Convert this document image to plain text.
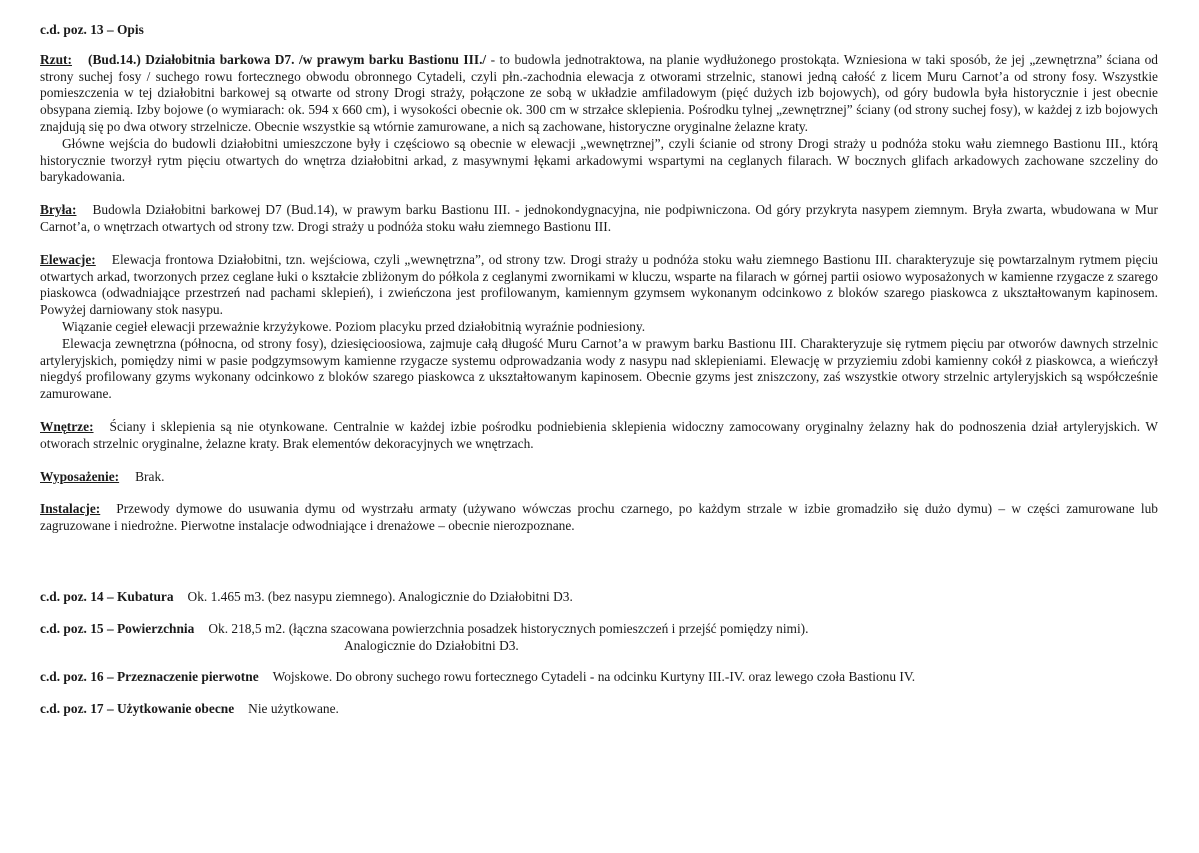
c.d. poz. 13 – Opis

Rzut: (Bud.14.) Działobitnia barkowa D7. /w prawym barku Bastionu III./ - to budowla jednotraktowa, na planie wydłużonego prostokąta. Wzniesiona w taki sposób, że jej „zewnętrzna” ściana od strony suchej fosy / suchego rowu fortecznego obwodu obronnego Cytadeli, czyli płn.-zachodnia elewacja z otworami strzelnic, stanowi jedną całość z licem Muru Carnot’a od strony fosy. Wszystkie pomieszczenia w tej działobitni barkowej są otwarte od strony Drogi straży, połączone ze sobą w układzie amfiladowym (pięć dużych izb bojowych), od góry budowla była historycznie i jest obecnie obsypana ziemią. Izby bojowe (o wymiarach: ok. 594 x 660 cm), i wysokości obecnie ok. 300 cm w strzałce sklepienia. Pośrodku tylnej „zewnętrznej” ściany (od strony suchej fosy), w każdej z izb bojowych znajdują się po dwa otwory strzelnicze. Obecnie wszystkie są wtórnie zamurowane, a nich są zachowane, historyczne oryginalne żelazne kraty.

Główne wejścia do budowli działobitni umieszczone były i częściowo są obecnie w elewacji „wewnętrznej”, czyli ścianie od strony Drogi straży u podnóża stoku wału ziemnego Bastionu III., którą historycznie tworzył rytm pięciu otwartych do wnętrza działobitni arkad, z masywnymi łękami arkadowymi wspartymi na ceglanych filarach. W bocznych glifach arkadowych zachowane szczeliny do barykadowania.

Bryła: Budowla Działobitni barkowej D7 (Bud.14), w prawym barku Bastionu III. - jednokondygnacyjna, nie podpiwniczona. Od góry przykryta nasypem ziemnym. Bryła zwarta, wbudowana w Mur Carnot’a, o wnętrzach otwartych od strony tzw. Drogi straży u podnóża stoku wału ziemnego Bastionu III.

Elewacje: Elewacja frontowa Działobitni, tzn. wejściowa, czyli „wewnętrzna”, od strony tzw. Drogi straży u podnóża stoku wału ziemnego Bastionu III. charakteryzuje się powtarzalnym rytmem pięciu otwartych arkad, tworzonych przez ceglane łuki o kształcie zbliżonym do półkola z ceglanymi zwornikami w kluczu, wsparte na filarach w górnej partii osiowo wyposażonych w kamienne rzygacze z szarego piaskowca (odwadniające przestrzeń nad pachami sklepień), i zwieńczona jest profilowanym, kamiennym gzymsem wykonanym odcinkowo z bloków szarego piaskowca z ukształtowanym kapinosem. Powyżej darniowany stok nasypu.

Wiązanie cegieł elewacji przeważnie krzyżykowe. Poziom placyku przed działobitnią wyraźnie podniesiony.

Elewacja zewnętrzna (północna, od strony fosy), dziesięcioosiowa, zajmuje całą długość Muru Carnot’a w prawym barku Bastionu III. Charakteryzuje się rytmem pięciu par otworów dawnych strzelnic artyleryjskich, pomiędzy nimi w pasie podgzymsowym kamienne rzygacze systemu odprowadzania wody z nasypu nad sklepieniami. Elewację w przyziemiu zdobi kamienny cokół z piaskowca, a wieńczył niegdyś profilowany gzyms wykonany odcinkowo z bloków szarego piaskowca z ukształtowanym kapinosem. Obecnie gzyms jest zniszczony, zaś wszystkie otwory strzelnic artyleryjskich są współcześnie zamurowane.

Wnętrze: Ściany i sklepienia są nie otynkowane. Centralnie w każdej izbie pośrodku podniebienia sklepienia widoczny zamocowany oryginalny żelazny hak do podnoszenia dział artyleryjskich. W otworach strzelnic oryginalne, żelazne kraty. Brak elementów dekoracyjnych we wnętrzach.

Wyposażenie: Brak.

Instalacje: Przewody dymowe do usuwania dymu od wystrzału armaty (używano wówczas prochu czarnego, po każdym strzale w izbie gromadziło się dużo dymu) – w części zamurowane lub zagruzowane i niedrożne. Pierwotne instalacje odwodniające i drenażowe – obecnie nierozpoznane.

c.d. poz. 14 – Kubatura Ok. 1.465 m3. (bez nasypu ziemnego). Analogicznie do Działobitni D3.
c.d. poz. 15 – Powierzchnia Ok. 218,5 m2. (łączna szacowana powierzchnia posadzek historycznych pomieszczeń i przejść pomiędzy nimi).
Analogicznie do Działobitni D3.
c.d. poz. 16 – Przeznaczenie pierwotne Wojskowe. Do obrony suchego rowu fortecznego Cytadeli - na odcinku Kurtyny III.-IV. oraz lewego czoła Bastionu IV.
c.d. poz. 17 – Użytkowanie obecne Nie użytkowane.
